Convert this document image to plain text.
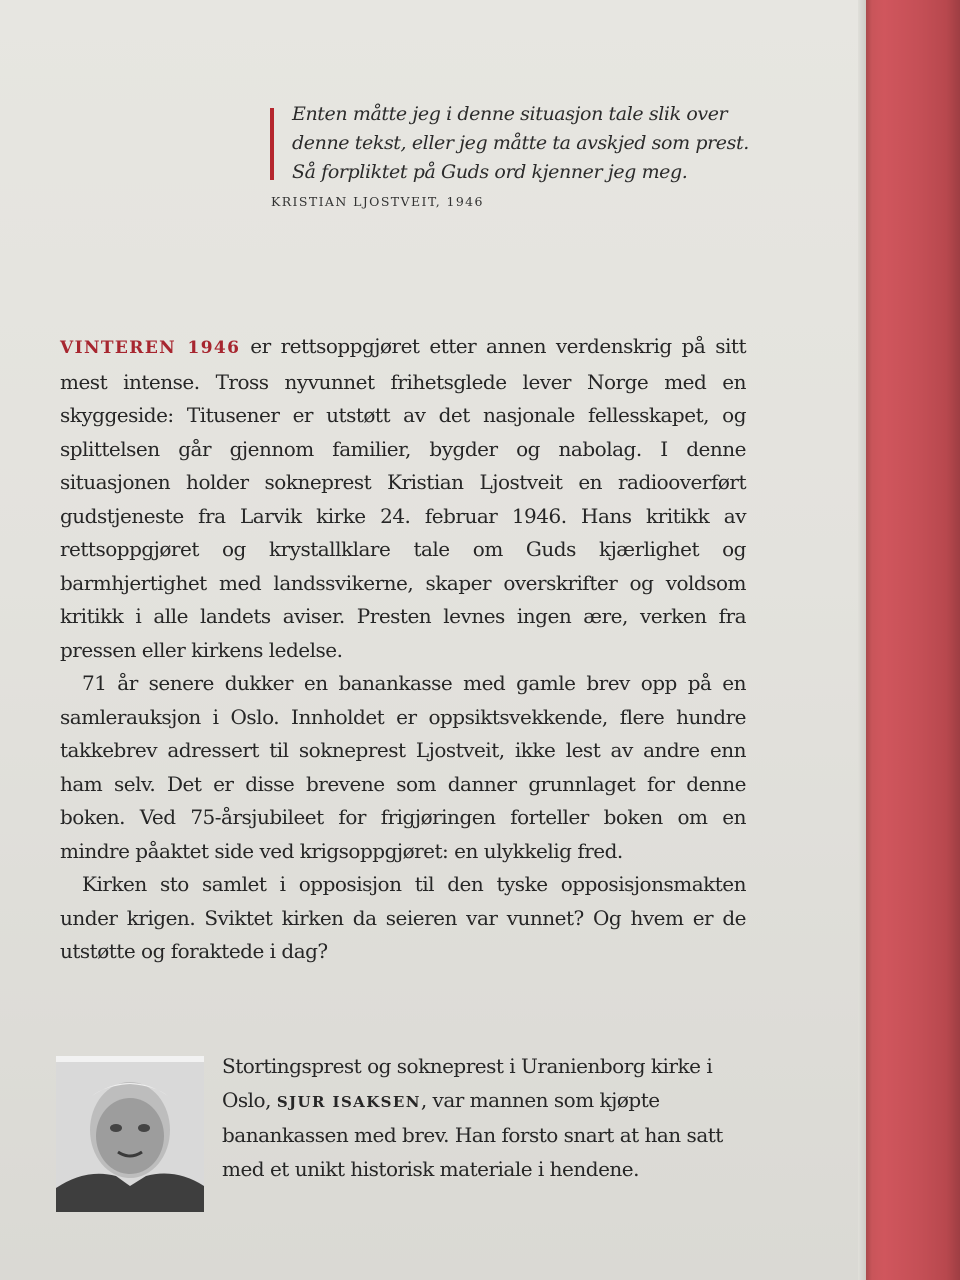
Enten måtte jeg i denne situasjon tale slik over
denne tekst, eller jeg måtte ta avskjed som prest.
Så forpliktet på Guds ord kjenner jeg meg.
KRISTIAN LJOSTVEIT, 1946

VINTEREN 1946 er rettsoppgjøret etter annen verdenskrig på sitt mest intense. Tross nyvunnet frihetsglede lever Norge med en skyggeside: Titusener er utstøtt av det nasjonale fellesskapet, og splittelsen går gjennom familier, bygder og nabolag. I denne situasjonen holder sokneprest Kristian Ljostveit en radiooverført gudstjeneste fra Larvik kirke 24. februar 1946. Hans kritikk av rettsoppgjøret og krystallklare tale om Guds kjærlighet og barmhjertighet med landssvikerne, skaper overskrifter og voldsom kritikk i alle landets aviser. Presten levnes ingen ære, verken fra pressen eller kirkens ledelse.

71 år senere dukker en banankasse med gamle brev opp på en samlerauksjon i Oslo. Innholdet er oppsiktsvekkende, flere hundre takkebrev adressert til sokneprest Ljostveit, ikke lest av andre enn ham selv. Det er disse brevene som danner grunnlaget for denne boken. Ved 75-årsjubileet for frigjøringen forteller boken om en mindre påaktet side ved krigsoppgjøret: en ulykkelig fred.

Kirken sto samlet i opposisjon til den tyske opposisjonsmakten under krigen. Sviktet kirken da seieren var vunnet? Og hvem er de utstøtte og foraktede i dag?

Stortingsprest og sokneprest i Uranienborg kirke i Oslo, SJUR ISAKSEN, var mannen som kjøpte banankassen med brev. Han forsto snart at han satt med et unikt historisk materiale i hendene.
